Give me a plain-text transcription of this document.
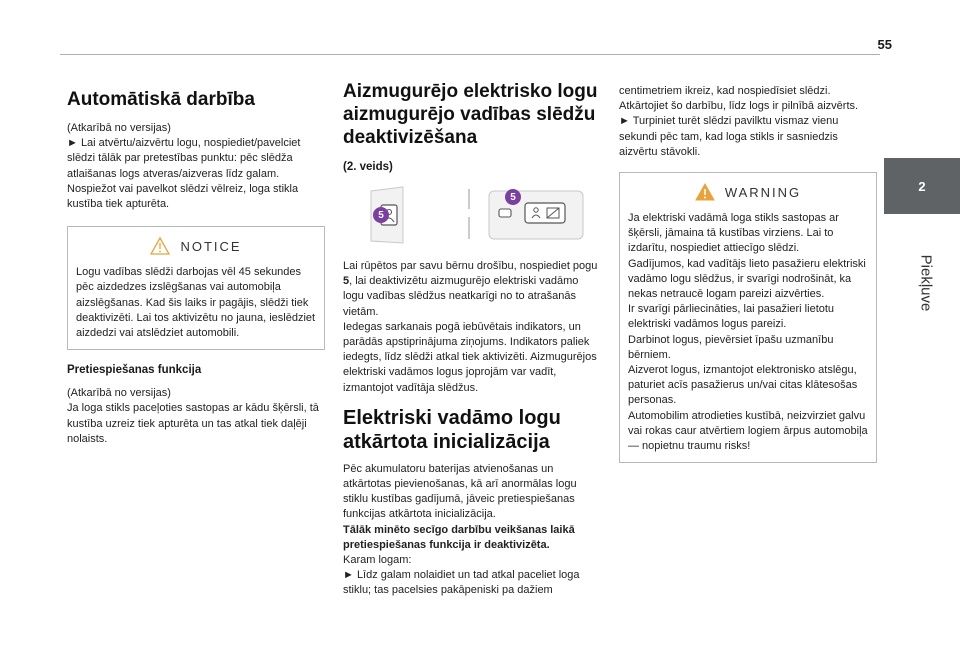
55
2
Piekļuve
Automātiskā darbība

(Atkarībā no versijas)

► Lai atvērtu/aizvērtu logu, nospiediet/pavelciet slēdzi tālāk par pretestības punktu: pēc slēdža atlaišanas logs atveras/aizveras līdz galam. Nospiežot vai pavelkot slēdzi vēlreiz, loga stikla kustība tiek apturēta.

NOTICE

Logu vadības slēdži darbojas vēl 45 sekundes pēc aizdedzes izslēgšanas vai automobiļa aizslēgšanas. Kad šis laiks ir pagājis, slēdži tiek deaktivizēti. Lai tos aktivizētu no jauna, ieslēdziet aizdedzi vai atslēdziet automobili.

Pretiespiešanas funkcija

(Atkarībā no versijas)

Ja loga stikls paceļoties sastopas ar kādu šķērsli, tā kustība uzreiz tiek apturēta un tas atkal tiek daļēji nolaists.

Aizmugurējo elektrisko logu aizmugurējo vadības slēdžu deaktivizēšana

(2. veids)

5
5

Lai rūpētos par savu bērnu drošību, nospiediet pogu 5, lai deaktivizētu aizmugurējo elektriski vadāmo logu vadības slēdžus neatkarīgi no to atrašanās vietām.

Iedegas sarkanais pogā iebūvētais indikators, un parādās apstiprinājuma ziņojums. Indikators paliek iedegts, līdz slēdži atkal tiek aktivizēti. Aizmugurējos elektriski vadāmos logus joprojām var vadīt, izmantojot vadītāja slēdžus.

Elektriski vadāmo logu atkārtota inicializācija

Pēc akumulatoru baterijas atvienošanas un atkārtotas pievienošanas, kā arī anormālas logu stiklu kustības gadījumā, jāveic pretiespiešanas funkcijas atkārtota inicializācija.

Tālāk minēto secīgo darbību veikšanas laikā pretiespiešanas funkcija ir deaktivizēta.

Karam logam:

► Līdz galam nolaidiet un tad atkal paceliet loga stiklu; tas pacelsies pakāpeniski pa dažiem

centimetriem ikreiz, kad nospiedīsiet slēdzi. Atkārtojiet šo darbību, līdz logs ir pilnībā aizvērts.

► Turpiniet turēt slēdzi pavilktu vismaz vienu sekundi pēc tam, kad loga stikls ir sasniedzis aizvērtu stāvokli.

WARNING

Ja elektriski vadāmā loga stikls sastopas ar šķērsli, jāmaina tā kustības virziens. Lai to izdarītu, nospiediet attiecīgo slēdzi.

Gadījumos, kad vadītājs lieto pasažieru elektriski vadāmo logu slēdžus, ir svarīgi nodrošināt, ka nekas netraucē logam pareizi aizvērties.

Ir svarīgi pārliecināties, lai pasažieri lietotu elektriski vadāmos logus pareizi.

Darbinot logus, pievērsiet īpašu uzmanību bērniem.

Aizverot logus, izmantojot elektronisko atslēgu, paturiet acīs pasažierus un/vai citas klātesošas personas.

Automobilim atrodieties kustībā, neizvirziet galvu vai rokas caur atvērtiem logiem ārpus automobiļa — nopietnu traumu risks!
